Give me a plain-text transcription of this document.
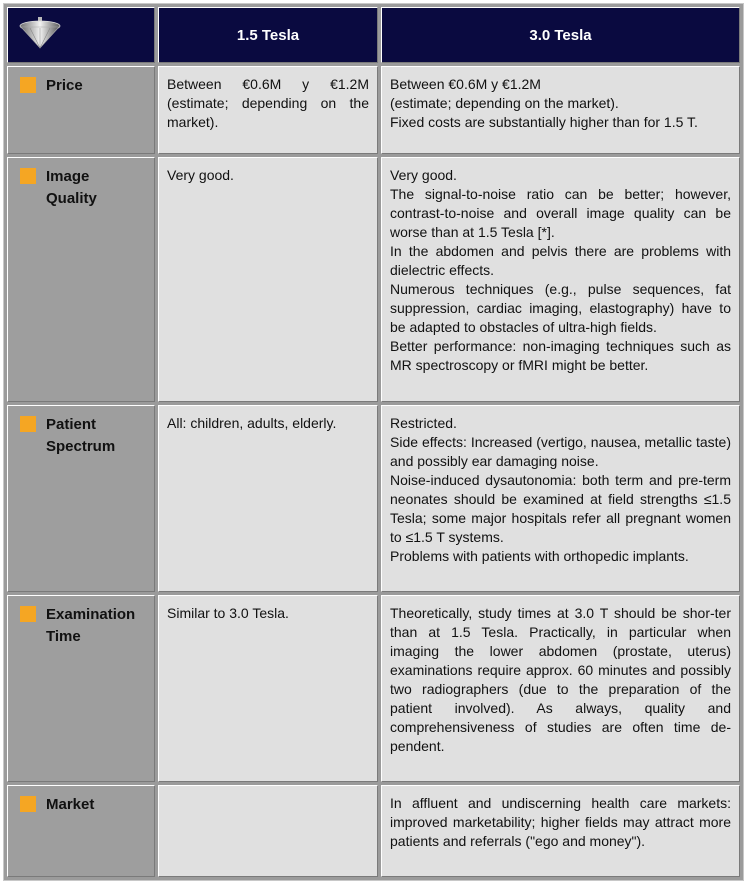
	1.5 Tesla	3.0 Tesla

Price	Between €0.6M y €1.2M (estimate; depending on the market).	Between €0.6M y €1.2M
(estimate; depending on the market).
Fixed costs are substantially higher than for 1.5 T.

Image
Quality	Very good.	Very good.
The signal-to-noise ratio can be better; however, contrast-to-noise and overall image quality can be worse than at 1.5 Tesla [*].
In the abdomen and pelvis there are problems with dielectric effects.
Numerous techniques (e.g., pulse sequences, fat suppression, cardiac imaging, elastography) have to be adapted to obstacles of ultra-high fields.
Better performance: non-imaging techniques such as MR spectroscopy or fMRI might be better.

Patient
Spectrum	All: children, adults, elderly.	Restricted.
Side effects: Increased (vertigo, nausea, metallic taste) and possibly ear damaging noise.
Noise-induced dysautonomia: both term and pre-term neonates should be examined at field strengths ≤1.5 Tesla; some major hospitals refer all pregnant women to ≤1.5 T systems.
Problems with patients with orthopedic implants.

Examination
Time	Similar to 3.0 Tesla.	Theoretically, study times at 3.0 T should be shor-ter than at 1.5 Tesla. Practically, in particular when imaging the lower abdomen (prostate, uterus) examinations require approx. 60 minutes and possibly two radiographers (due to the preparation of the patient involved). As always, quality and comprehensiveness of studies are often time de-pendent.

Market		In affluent and undiscerning health care markets: improved marketability; higher fields may attract more patients and referrals ("ego and money").
